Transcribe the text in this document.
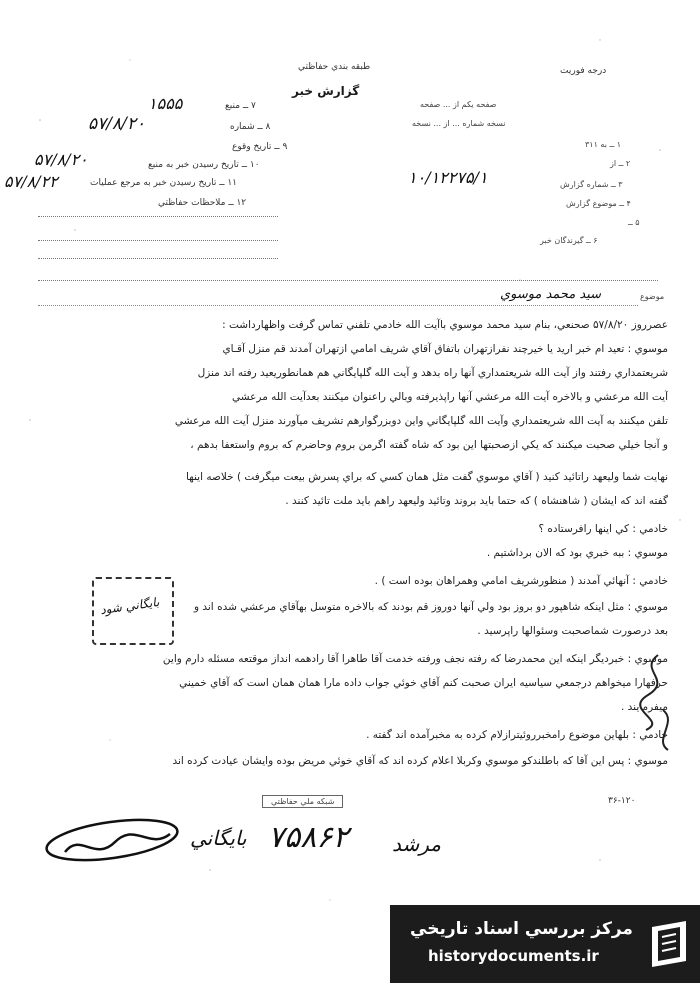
درجه فوريت
طبقه بندي حفاظتي
گزارش خبر
۷ ــ منبع
۱۵۵۵
۸ ــ شماره
۵۷/۸/۲۰
۹ ــ تاريخ وقوع
۱۰ ــ تاريخ رسيدن خبر به منبع
۵۷/۸/۲۰
۱۱ ــ تاريخ رسيدن خبر به مرجع عمليات
۵۷/۸/۲۲
۱۲ ــ ملاحظات حفاظتي
صفحه يكم از ... صفحه
نسخه شماره ... از ... نسخه
۱ ــ به ۳۱۱
۲ ــ از
۳ ــ شماره گزارش
۱۰/۱۲۲۷۵/۱
۴ ــ موضوع گزارش
۵ ــ
۶ ــ گيرندگان خبر
موضوع
سيد محمد موسوي
عصرروز ۵۷/۸/۲۰ صحنعي، بنام سيد محمد موسوي باآيت الله خادمي تلفني تماس گرفت واظهارداشت :
موسوي : تعيد ام خبر ارید يا خيرچند نفرازتهران باتفاق آقاي شريف امامي ازتهران آمدند قم منزل آقـاي
شريعتمداري رفتند واز آيت الله شريعتمداري آنها راه بدهد و آيت الله گلپايگاني هم همانطوريعيد رفته اند منزل
آيت الله مرعشي و بالاخره آيت الله مرعشي آنها راپذيرفته وبالي راعنوان ميكنند بعدآيت الله مرعشي
تلفن ميكنند به آيت الله شريعتمداري وآيت الله گلپايگاني واين دوبزرگوارهم تشريف ميآورند منزل آيت الله مرعشي
و آنجا خيلي صحبت ميكنند كه يكي ازصحبتها اين بود كه شاه گفته اگرمن بروم وحاضرم كه بروم واستعفا بدهم ،
نهايت شما وليعهد راتائيد كنيد ( آقاي موسوي گفت مثل همان كسي كه براي پسرش بيعت ميگرفت ) خلاصه اينها
گفته اند كه ايشان ( شاهنشاه ) كه حتما بايد بروند وتائيد وليعهد راهم بايد ملت تائيد كنند .
خادمي : كي اينها رافرستاده ؟
موسوي : ببه خبري بود كه الان برداشتيم .
خادمي : آنهائي آمدند ( منظورشريف امامي وهمراهان بوده است ) .
موسوي : مثل اينكه شاهپور دو بروز بود ولي آنها دوروز قم بودند كه بالاخره متوسل بهآقاي مرعشي شده اند و
بعد درصورت شماصحبت وسئوالها راپرسيد .
موسوي : خبرديگر اينكه اين محمدرضا كه رفته نجف ورفته خدمت آقا طاهرا آقا رادهمه انداز موقتعه مسئله دارم واين
حرفهارا ميخواهم درجمعي سياسيه ايران صحبت كنم آقاي خوئي جواب داده مارا همان همان است كه آقاي خميني
ميفرمايند .
خادمي : بلهاين موضوع رامخبرروئيترازلام كرده به مخبرآمده اند گفته .
موسوي : پس اين آقا كه باطلندكو موسوي وكربلا اعلام كرده اند كه آقاي خوئي مريض بوده وايشان عيادت كرده اند
بايگاني شود
شبكه ملي حفاظتي	۳۶-۱۲۰
بايگاني ۷۵۸۶۲ مرشد
مركز بررسي اسناد تاريخي
historydocuments.ir
